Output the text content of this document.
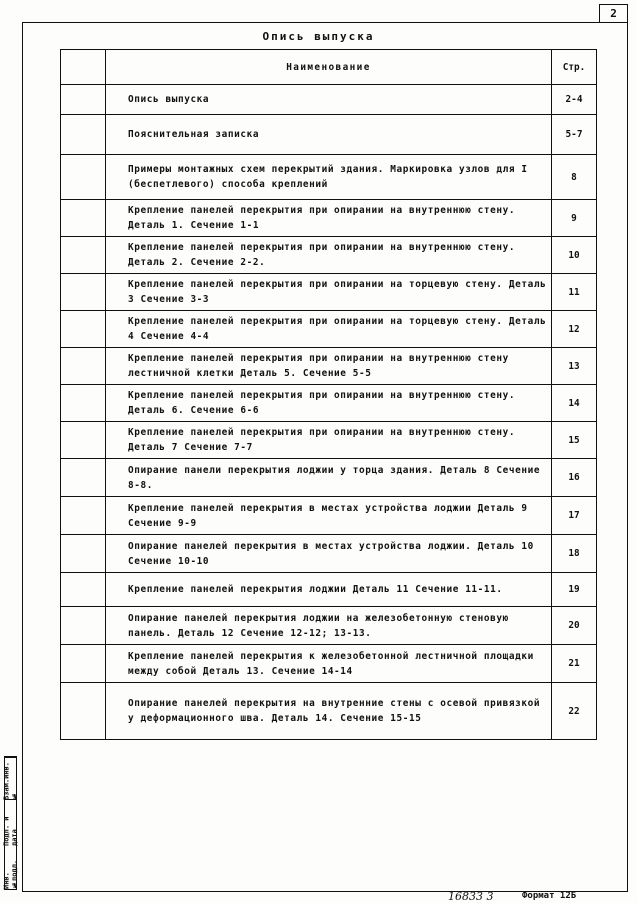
2
Опись выпуска
	Наименование	Стр.
	Опись выпуска	2-4
	Пояснительная записка	5-7
	Примеры монтажных схем перекрытий здания. Маркировка узлов для I (беспетлевого) способа креплений	8
	Крепление панелей перекрытия при опирании на внутреннюю стену. Деталь 1. Сечение 1-1	9
	Крепление панелей перекрытия при опирании на внутреннюю стену. Деталь 2. Сечение 2-2.	10
	Крепление панелей перекрытия при опирании на торцевую стену. Деталь 3 Сечение 3-3	11
	Крепление панелей перекрытия при опирании на торцевую стену. Деталь 4 Сечение 4-4	12
	Крепление панелей перекрытия при опирании на внутреннюю стену лестничной клетки Деталь 5. Сечение 5-5	13
	Крепление панелей перекрытия при опирании на внутреннюю стену. Деталь 6. Сечение 6-6	14
	Крепление панелей перекрытия при опирании на внутреннюю стену. Деталь 7 Сечение 7-7	15
	Опирание панели перекрытия лоджии у торца здания. Деталь 8 Сечение 8-8.	16
	Крепление панелей перекрытия в местах устройства лоджии Деталь 9 Сечение 9-9	17
	Опирание панелей перекрытия в местах устройства лоджии. Деталь 10 Сечение 10-10	18
	Крепление панелей перекрытия лоджии Деталь 11 Сечение 11-11.	19
	Опирание панелей перекрытия лоджии на железобетонную стеновую панель. Деталь 12 Сечение 12-12; 13-13.	20
	Крепление панелей перекрытия к железобетонной лестничной площадки между собой Деталь 13. Сечение 14-14	21
	Опирание панелей перекрытия на внутренние стены с осевой привязкой у деформационного шва. Деталь 14. Сечение 15-15	22
Взам.инв.№
Подп. и дата
Инв.№подл.
16833 3	Формат 12Б
